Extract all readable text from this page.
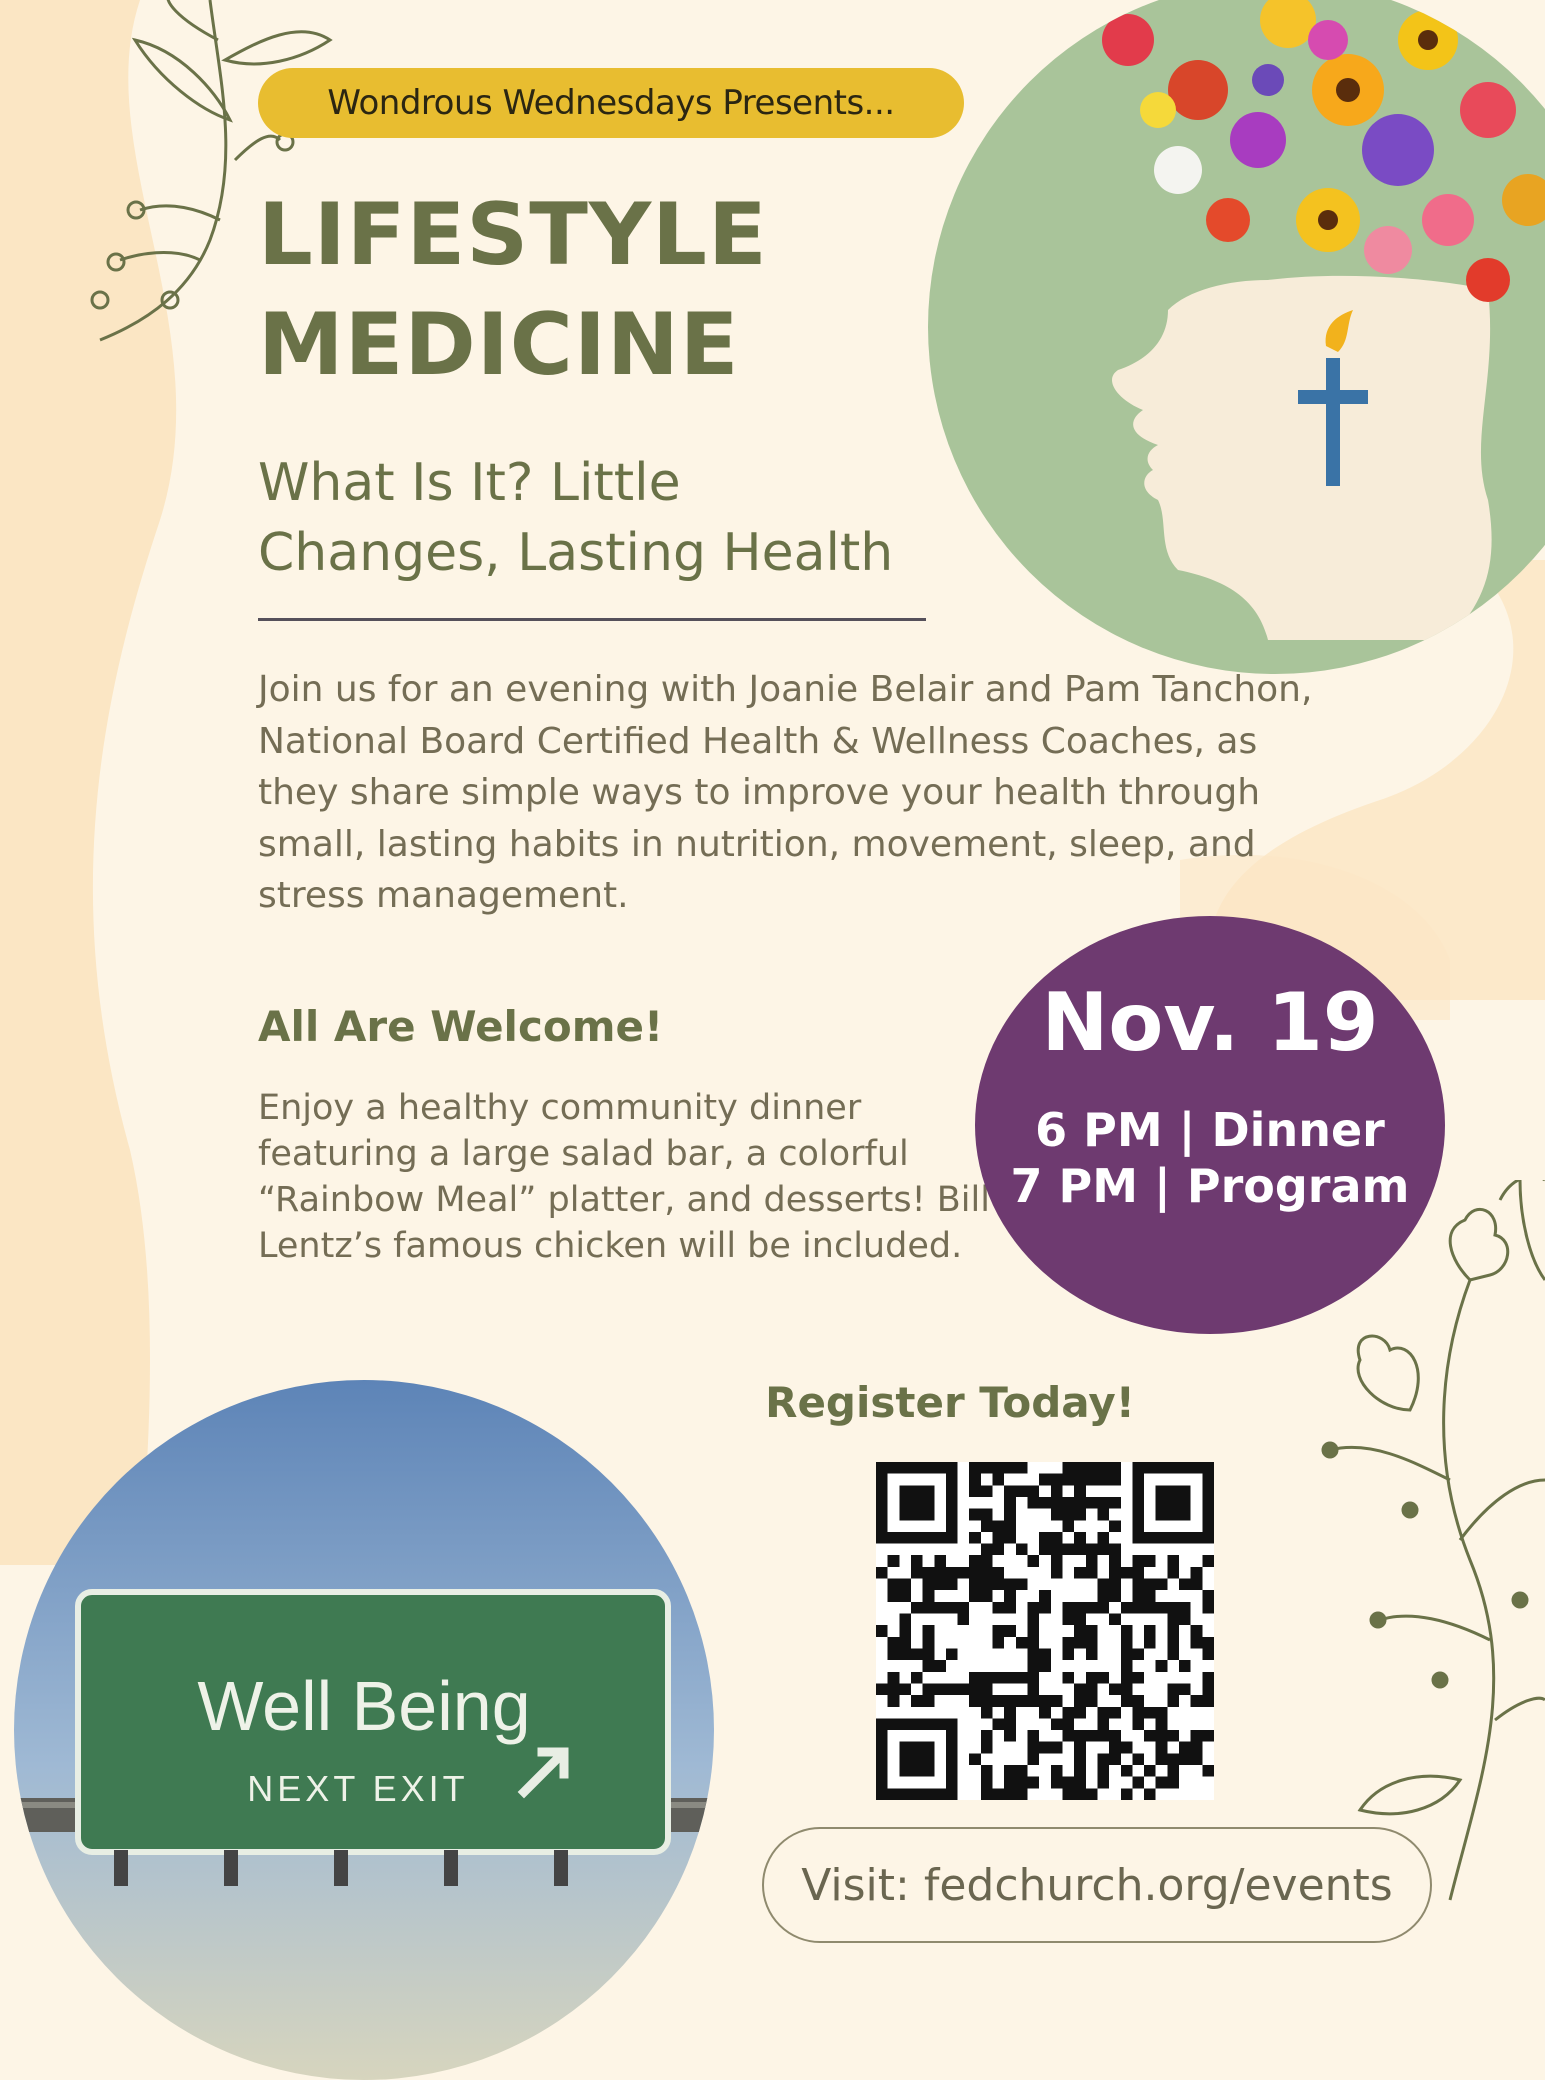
Well Being
NEXT EXIT
Wondrous Wednesdays Presents...
LIFESTYLE
MEDICINE
What Is It? Little
Changes, Lasting Health

Join us for an evening with Joanie Belair and Pam Tanchon, National Board Certified Health & Wellness Coaches, as they share simple ways to improve your health through small, lasting habits in nutrition, movement, sleep, and stress management.

All Are Welcome!

Enjoy a healthy community dinner featuring a large salad bar, a colorful “Rainbow Meal” platter, and desserts! Bill Lentz’s famous chicken will be included.

Nov. 19
6 PM | Dinner
7 PM | Program
Register Today!
Visit: fedchurch.org/events
